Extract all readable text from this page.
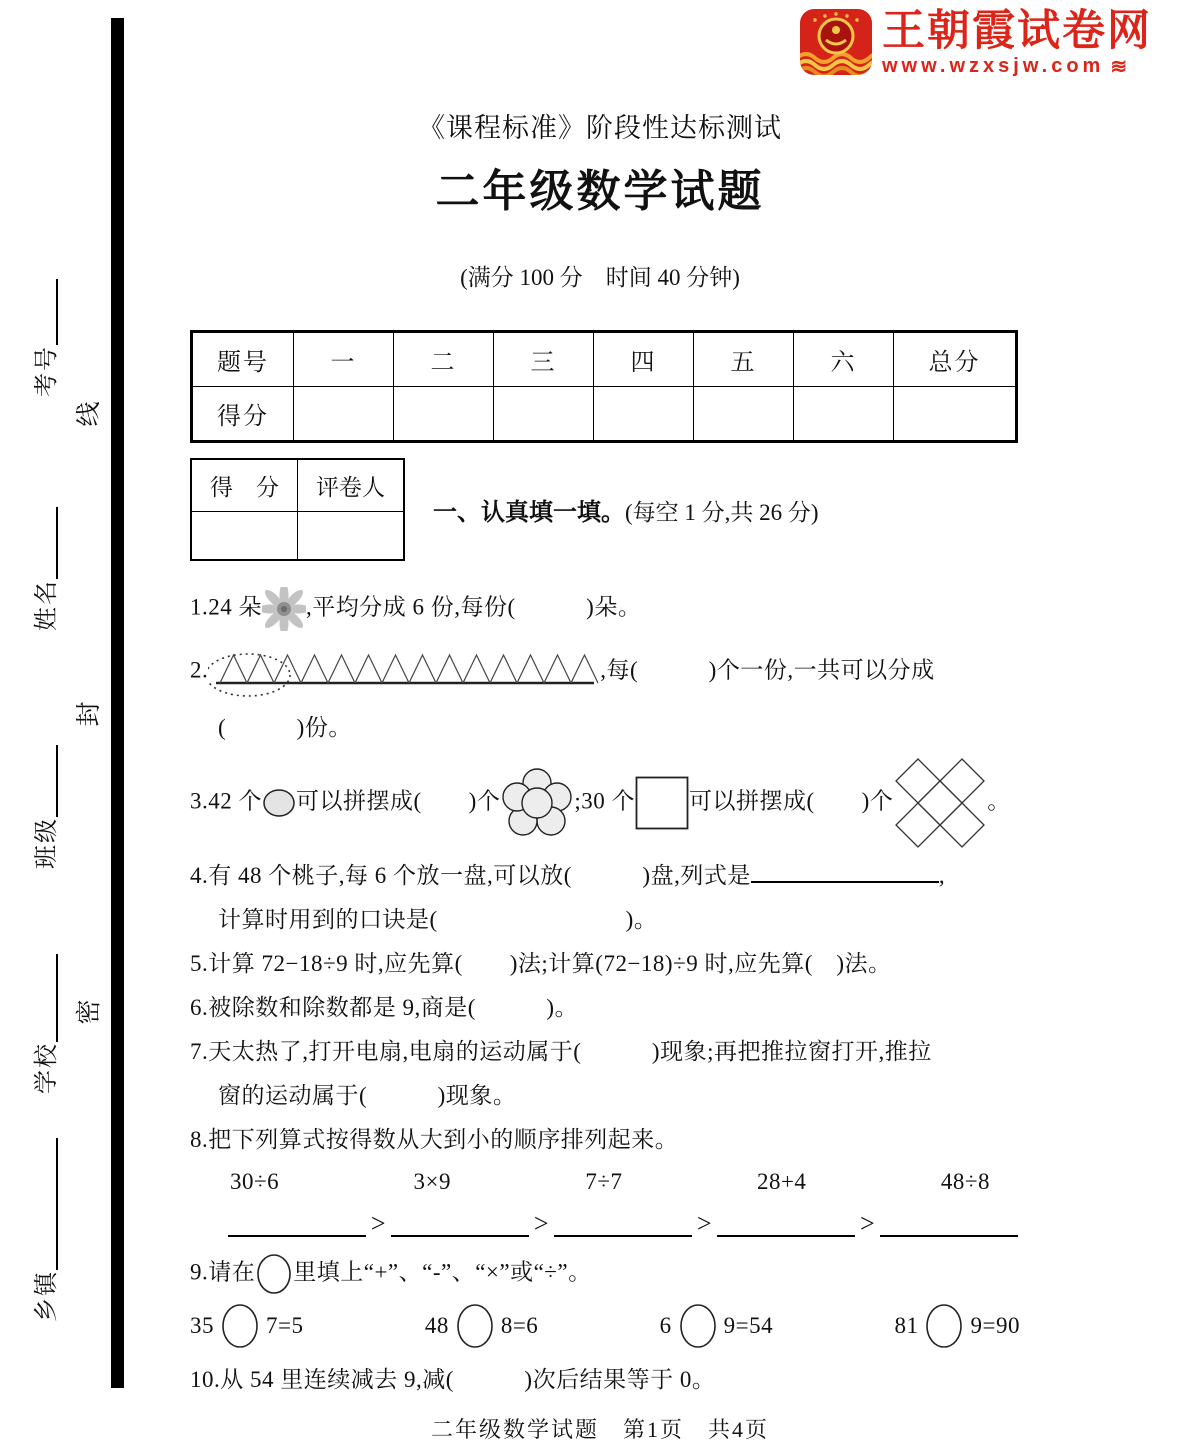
考号
姓名
班级
学校
乡镇
线
封
密
王朝霞试卷网
www.wzxsjw.com ≋
《课程标准》阶段性达标测试
二年级数学试题
(满分 100 分　时间 40 分钟)
题号	一	二	三	四	五	六	总分
得分							
得　分	评卷人

一、认真填一填。(每空 1 分,共 26 分)
1.24 朵 ,平均分成 6 份,每份(　　　)朵。
2.	,每(　　　)个一份,一共可以分成
(　　　)份。
3.42 个 可以拼摆成(　　)个	;30 个 可以拼摆成(　　)个	。
4.有 48 个桃子,每 6 个放一盘,可以放(　　　)盘,列式是	,
计算时用到的口诀是(　　　　　　　　)。
5.计算 72−18÷9 时,应先算(　　)法;计算(72−18)÷9 时,应先算(　)法。
6.被除数和除数都是 9,商是(　　　)。
7.天太热了,打开电扇,电扇的运动属于(　　　)现象;再把推拉窗打开,推拉
窗的运动属于(　　　)现象。
8.把下列算式按得数从大到小的顺序排列起来。
30÷6	3×9	7÷7	28+4	48÷8
>	>	>	>
9.请在 里填上“+”、“-”、“×”或“÷”。
35 7=5	48 8=6	6 9=54	81 9=90
10.从 54 里连续减去 9,减(　　　)次后结果等于 0。
二年级数学试题　第1页　共4页
